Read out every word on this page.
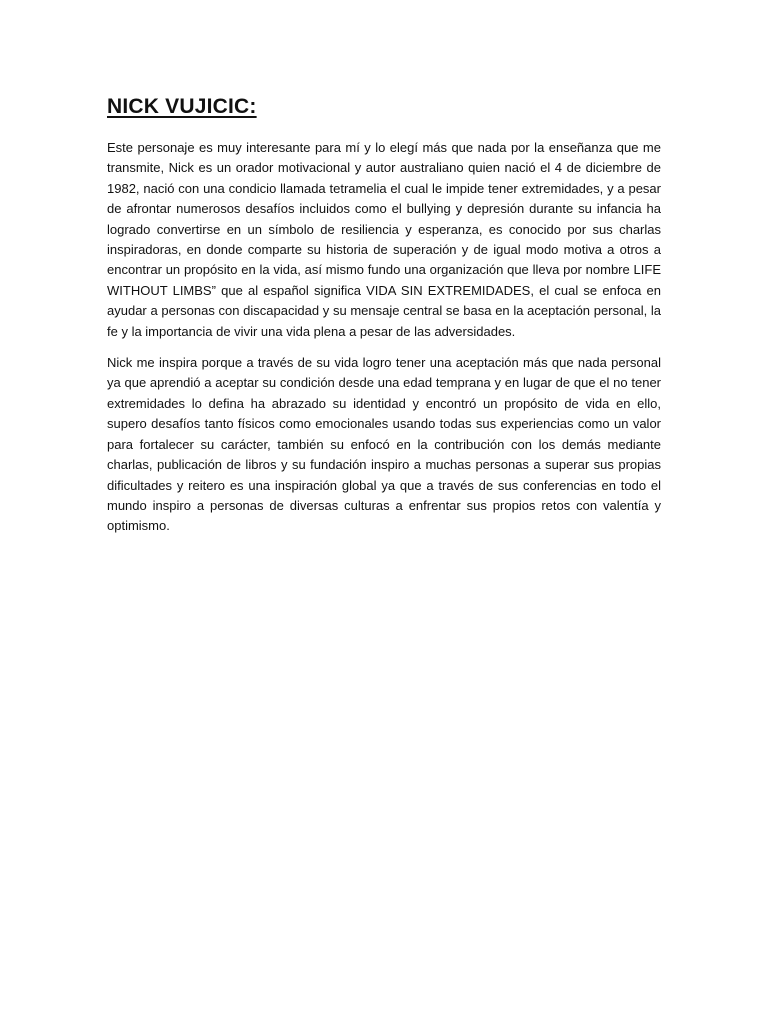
NICK VUJICIC:

Este personaje es muy interesante para mí y lo elegí más que nada por la enseñanza que me transmite, Nick es un orador motivacional y autor australiano quien nació el 4 de diciembre de 1982, nació con una condicio llamada tetramelia el cual le impide tener extremidades, y a pesar de afrontar numerosos desafíos incluidos como el bullying y depresión durante su infancia ha logrado convertirse en un símbolo de resiliencia y esperanza, es conocido por sus charlas inspiradoras, en donde comparte su historia de superación y de igual modo motiva a otros a encontrar un propósito en la vida, así mismo fundo una organización que lleva por nombre LIFE WITHOUT LIMBS” que al español significa VIDA SIN EXTREMIDADES, el cual se enfoca en ayudar a personas con discapacidad y su mensaje central se basa en la aceptación personal, la fe y la importancia de vivir una vida plena a pesar de las adversidades.

Nick me inspira porque a través de su vida logro tener una aceptación más que nada personal ya que aprendió a aceptar su condición desde una edad temprana y en lugar de que el no tener extremidades lo defina ha abrazado su identidad y encontró un propósito de vida en ello, supero desafíos tanto físicos como emocionales usando todas sus experiencias como un valor para fortalecer su carácter, también su enfocó en la contribución con los demás mediante charlas, publicación de libros y su fundación inspiro a muchas personas a superar sus propias dificultades y reitero es una inspiración global ya que a través de sus conferencias en todo el mundo inspiro a personas de diversas culturas a enfrentar sus propios retos con valentía y optimismo.
